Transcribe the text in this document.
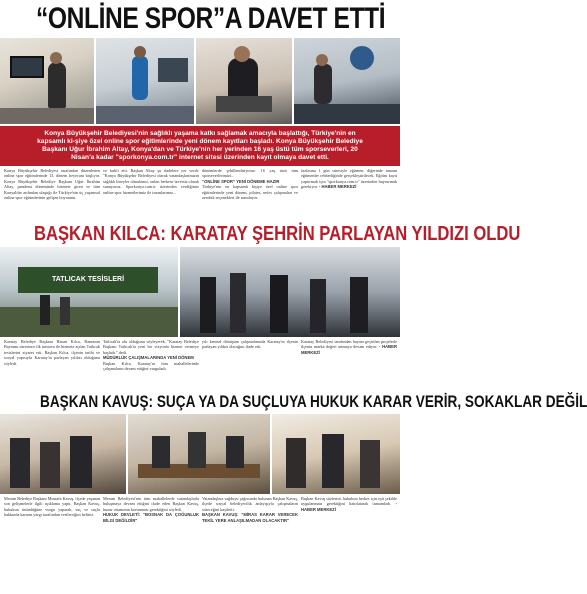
“ONLİNE SPOR”A DAVET ETTİ
Konya Büyükşehir Belediyesi'nin sağlıklı yaşama katkı sağlamak amacıyla başlattığı, Türkiye'nin en kapsamlı ki-şiye özel online spor eğitimlerinde yeni dönem kayıtları başladı. Konya Büyükşehir Belediye Başkanı Uğur İbrahim Altay, Konya'dan ve Türkiye'nin her yerinden 16 yaş üstü tüm sporseverleri, 20 Nisan'a kadar "sporkonya.com.tr" internet sitesi üzerinden kayıt olmaya davet etti.
Konya Büyükşehir Belediyesi tarafından düzenlenen online spor eğitimlerinde 13. dönem heyecanı başlıyor. Konya Büyükşehir Belediye Başkanı Uğur İbrahim Altay, pandemi döneminde hizmete giren ve tüm Konyalılar ardından ulaştığı ile Türkiye'nin üç yaşamsal online spor eğitimlerinin gelişen boyutunu.
ve farklı etti. Başkan Altay şu ifadelere yer verdi: "Konya Büyükşehir Belediyesi olarak vatandaşlarımızın sağlıklı bireyler olmalarını, onları herkese ücretsiz olarak sunuyoruz. Sporkonya.com.tr üzerinden verdiğimiz online spor hizmetlerimiz ile insanlarımız...
dönemlerde şekillendiriyoruz. 16 yaş üstü tüm sporseverlerimizi...
“ONLİNE SPOR” YENİ DÖNEME HAZIR
Türkiye'nin en kapsamlı kişiye özel online spor eğitimlerinde yeni dönem, pilates, nefes çalışmaları ve aerobik seçenekleri ile sunuluyor.
fazlasına 1 gün süresiyle eğitmen, diğerinde tamam eğitmenler rehberliğinde gerçekleştirilecek. Eğitim kayıt yaptırmak için "sporkonya.com.tr" üzerinden başvurmak gerekiyor. - HABER MERKEZİ
BAŞKAN KILCA: KARATAY ŞEHRİN PARLAYAN YILDIZI OLDU
TATLICAK TESİSLERİ
Karatay Belediye Başkanı Hasan Kılca, Ramazan Bayramı süresince ilk turnuva ile hizmete açılan Tatlıcak tesislerini ziyaret etti. Başkan Kılca, ilçenin tarihi ve sosyal yapısıyla Karatay'ın parlayan yıldızı olduğunu söyledi.
Tatlıcak'ta olu olduğunu söyleyerek, "Karatay Belediye Başkanı Tatlıcak'ta yeni bir vizyonla hizmet vermeye başladı." dedi.
MÜDÜRLÜK ÇALIŞMALARINDA YENİ DÖNEM
Başkan Kılca, Karatay'ın tüm mahallelerinde çalışmaların devam ettiğini vurguladı.
yılı kentsel dönüşüm çalışmalarında Karatay'ın ilçenin parlayan yıldızı olacağını ifade etti.
Karatay Belediyesi tarafından hayata geçirilen projelerle ilçenin marka değeri artmaya devam ediyor. - HABER MERKEZİ
BAŞKAN KAVUŞ: SUÇA YA DA SUÇLUYA HUKUK KARAR VERİR, SOKAKLAR DEĞİL
Meram Belediye Başkanı Mustafa Kavuş, ilçede yaşanan son gelişmelerle ilgili açıklama yaptı. Başkan Kavuş, hukukun üstünlüğüne vurgu yaparak, suç ve suçlu hakkında kararın yargı tarafından verileceğini belirtti.
Meram Belediyesi'nin tüm mahallelerde vatandaşlarla buluşmaya devam ettiğini ifade eden Başkan Kavuş, huzur ortamının korunması gerektiğini söyledi.
HUKUK DEVLETİ: "BOSNAK DA ÇOĞUNLUK BİLGİ DEĞİLDİR"
Vatandaşlara sağduyu çağrısında bulunan Başkan Kavuş, ilçede sosyal belediyecilik anlayışıyla çalışmaların süreceğini kaydetti.
BAŞKAN KAVUŞ: "MİRAS KARAR VERECEK TEKİL YERE ANLAŞILMADAN OLACAKTIR"
Başkan Kavuş sözlerini, hukukun herkes için eşit şekilde uygulanması gerektiğini hatırlatarak tamamladı. - HABER MERKEZİ
